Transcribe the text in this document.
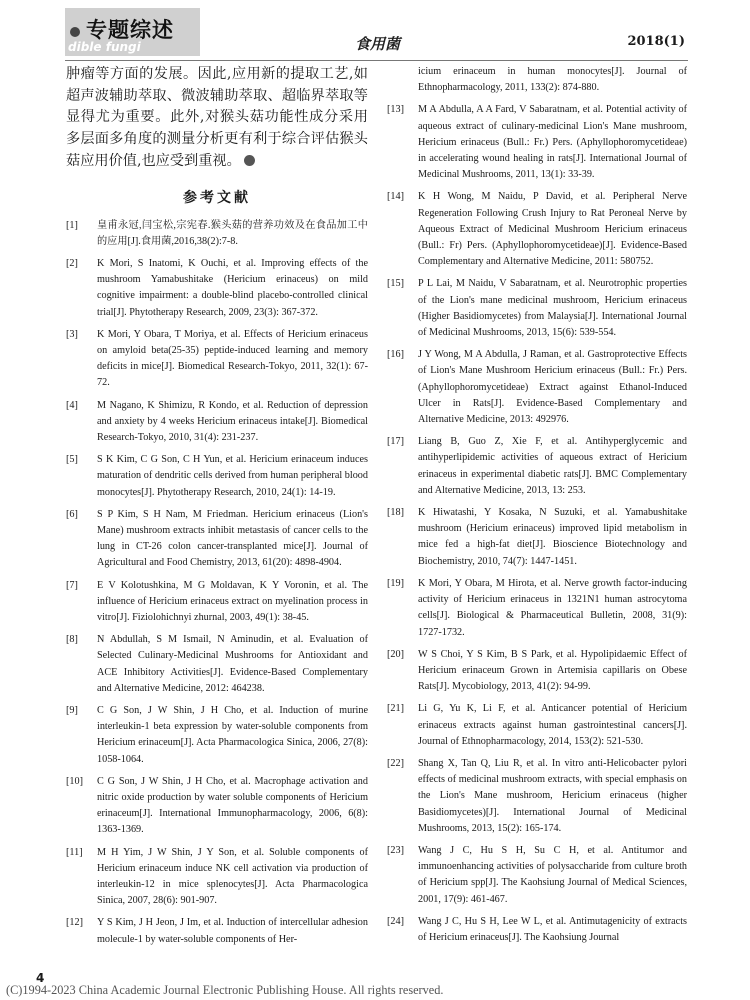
专题综述
dible fungi	食用菌	2018(1)

肿瘤等方面的发展。因此,应用新的提取工艺,如超声波辅助萃取、微波辅助萃取、超临界萃取等显得尤为重要。此外,对猴头菇功能性成分采用多层面多角度的测量分析更有利于综合评估猴头菇应用价值,也应受到重视。

参考文献
[1] 皇甫永冠,闫宝松,宗宪春.猴头菇的营养功效及在食品加工中的应用[J].食用菌,2016,38(2):7-8.
[2] K Mori, S Inatomi, K Ouchi, et al. Improving effects of the mushroom Yamabushitake (Hericium erinaceus) on mild cognitive impairment: a double-blind placebo-controlled clinical trial[J]. Phytotherapy Research, 2009, 23(3): 367-372.
[3] K Mori, Y Obara, T Moriya, et al. Effects of Hericium erinaceus on amyloid beta(25-35) peptide-induced learning and memory deficits in mice[J]. Biomedical Research-Tokyo, 2011, 32(1): 67-72.
[4] M Nagano, K Shimizu, R Kondo, et al. Reduction of depression and anxiety by 4 weeks Hericium erinaceus intake[J]. Biomedical Research-Tokyo, 2010, 31(4): 231-237.
[5] S K Kim, C G Son, C H Yun, et al. Hericium erinaceum induces maturation of dendritic cells derived from human peripheral blood monocytes[J]. Phytotherapy Research, 2010, 24(1): 14-19.
[6] S P Kim, S H Nam, M Friedman. Hericium erinaceus (Lion's Mane) mushroom extracts inhibit metastasis of cancer cells to the lung in CT-26 colon cancer-transplanted mice[J]. Journal of Agricultural and Food Chemistry, 2013, 61(20): 4898-4904.
[7] E V Kolotushkina, M G Moldavan, K Y Voronin, et al. The influence of Hericium erinaceus extract on myelination process in vitro[J]. Fiziolohichnyi zhurnal, 2003, 49(1): 38-45.
[8] N Abdullah, S M Ismail, N Aminudin, et al. Evaluation of Selected Culinary-Medicinal Mushrooms for Antioxidant and ACE Inhibitory Activities[J]. Evidence-Based Complementary and Alternative Medicine, 2012: 464238.
[9] C G Son, J W Shin, J H Cho, et al. Induction of murine interleukin-1 beta expression by water-soluble components from Hericium erinaceum[J]. Acta Pharmacologica Sinica, 2006, 27(8): 1058-1064.
[10] C G Son, J W Shin, J H Cho, et al. Macrophage activation and nitric oxide production by water soluble components of Hericium erinaceum[J]. International Immunopharmacology, 2006, 6(8): 1363-1369.
[11] M H Yim, J W Shin, J Y Son, et al. Soluble components of Hericium erinaceum induce NK cell activation via production of interleukin-12 in mice splenocytes[J]. Acta Pharmacologica Sinica, 2007, 28(6): 901-907.
[12] Y S Kim, J H Jeon, J Im, et al. Induction of intercellular adhesion molecule-1 by water-soluble components of Her-
icium erinaceum in human monocytes[J]. Journal of Ethnopharmacology, 2011, 133(2): 874-880.
[13] M A Abdulla, A A Fard, V Sabaratnam, et al. Potential activity of aqueous extract of culinary-medicinal Lion's Mane mushroom, Hericium erinaceus (Bull.: Fr.) Pers. (Aphyllophoromycetideae) in accelerating wound healing in rats[J]. International Journal of Medicinal Mushrooms, 2011, 13(1): 33-39.
[14] K H Wong, M Naidu, P David, et al. Peripheral Nerve Regeneration Following Crush Injury to Rat Peroneal Nerve by Aqueous Extract of Medicinal Mushroom Hericium erinaceus (Bull.: Fr) Pers. (Aphyllophoromycetideae)[J]. Evidence-Based Complementary and Alternative Medicine, 2011: 580752.
[15] P L Lai, M Naidu, V Sabaratnam, et al. Neurotrophic properties of the Lion's mane medicinal mushroom, Hericium erinaceus (Higher Basidiomycetes) from Malaysia[J]. International Journal of Medicinal Mushrooms, 2013, 15(6): 539-554.
[16] J Y Wong, M A Abdulla, J Raman, et al. Gastroprotective Effects of Lion's Mane Mushroom Hericium erinaceus (Bull.: Fr.) Pers. (Aphyllophoromycetideae) Extract against Ethanol-Induced Ulcer in Rats[J]. Evidence-Based Complementary and Alternative Medicine, 2013: 492976.
[17] Liang B, Guo Z, Xie F, et al. Antihyperglycemic and antihyperlipidemic activities of aqueous extract of Hericium erinaceus in experimental diabetic rats[J]. BMC Complementary and Alternative Medicine, 2013, 13: 253.
[18] K Hiwatashi, Y Kosaka, N Suzuki, et al. Yamabushitake mushroom (Hericium erinaceus) improved lipid metabolism in mice fed a high-fat diet[J]. Bioscience Biotechnology and Biochemistry, 2010, 74(7): 1447-1451.
[19] K Mori, Y Obara, M Hirota, et al. Nerve growth factor-inducing activity of Hericium erinaceus in 1321N1 human astrocytoma cells[J]. Biological & Pharmaceutical Bulletin, 2008, 31(9): 1727-1732.
[20] W S Choi, Y S Kim, B S Park, et al. Hypolipidaemic Effect of Hericium erinaceum Grown in Artemisia capillaris on Obese Rats[J]. Mycobiology, 2013, 41(2): 94-99.
[21] Li G, Yu K, Li F, et al. Anticancer potential of Hericium erinaceus extracts against human gastrointestinal cancers[J]. Journal of Ethnopharmacology, 2014, 153(2): 521-530.
[22] Shang X, Tan Q, Liu R, et al. In vitro anti-Helicobacter pylori effects of medicinal mushroom extracts, with special emphasis on the Lion's Mane mushroom, Hericium erinaceus (higher Basidiomycetes)[J]. International Journal of Medicinal Mushrooms, 2013, 15(2): 165-174.
[23] Wang J C, Hu S H, Su C H, et al. Antitumor and immunoenhancing activities of polysaccharide from culture broth of Hericium spp[J]. The Kaohsiung Journal of Medical Sciences, 2001, 17(9): 461-467.
[24] Wang J C, Hu S H, Lee W L, et al. Antimutagenicity of extracts of Hericium erinaceus[J]. The Kaohsiung Journal
4
(C)1994-2023 China Academic Journal Electronic Publishing House. All rights reserved.
